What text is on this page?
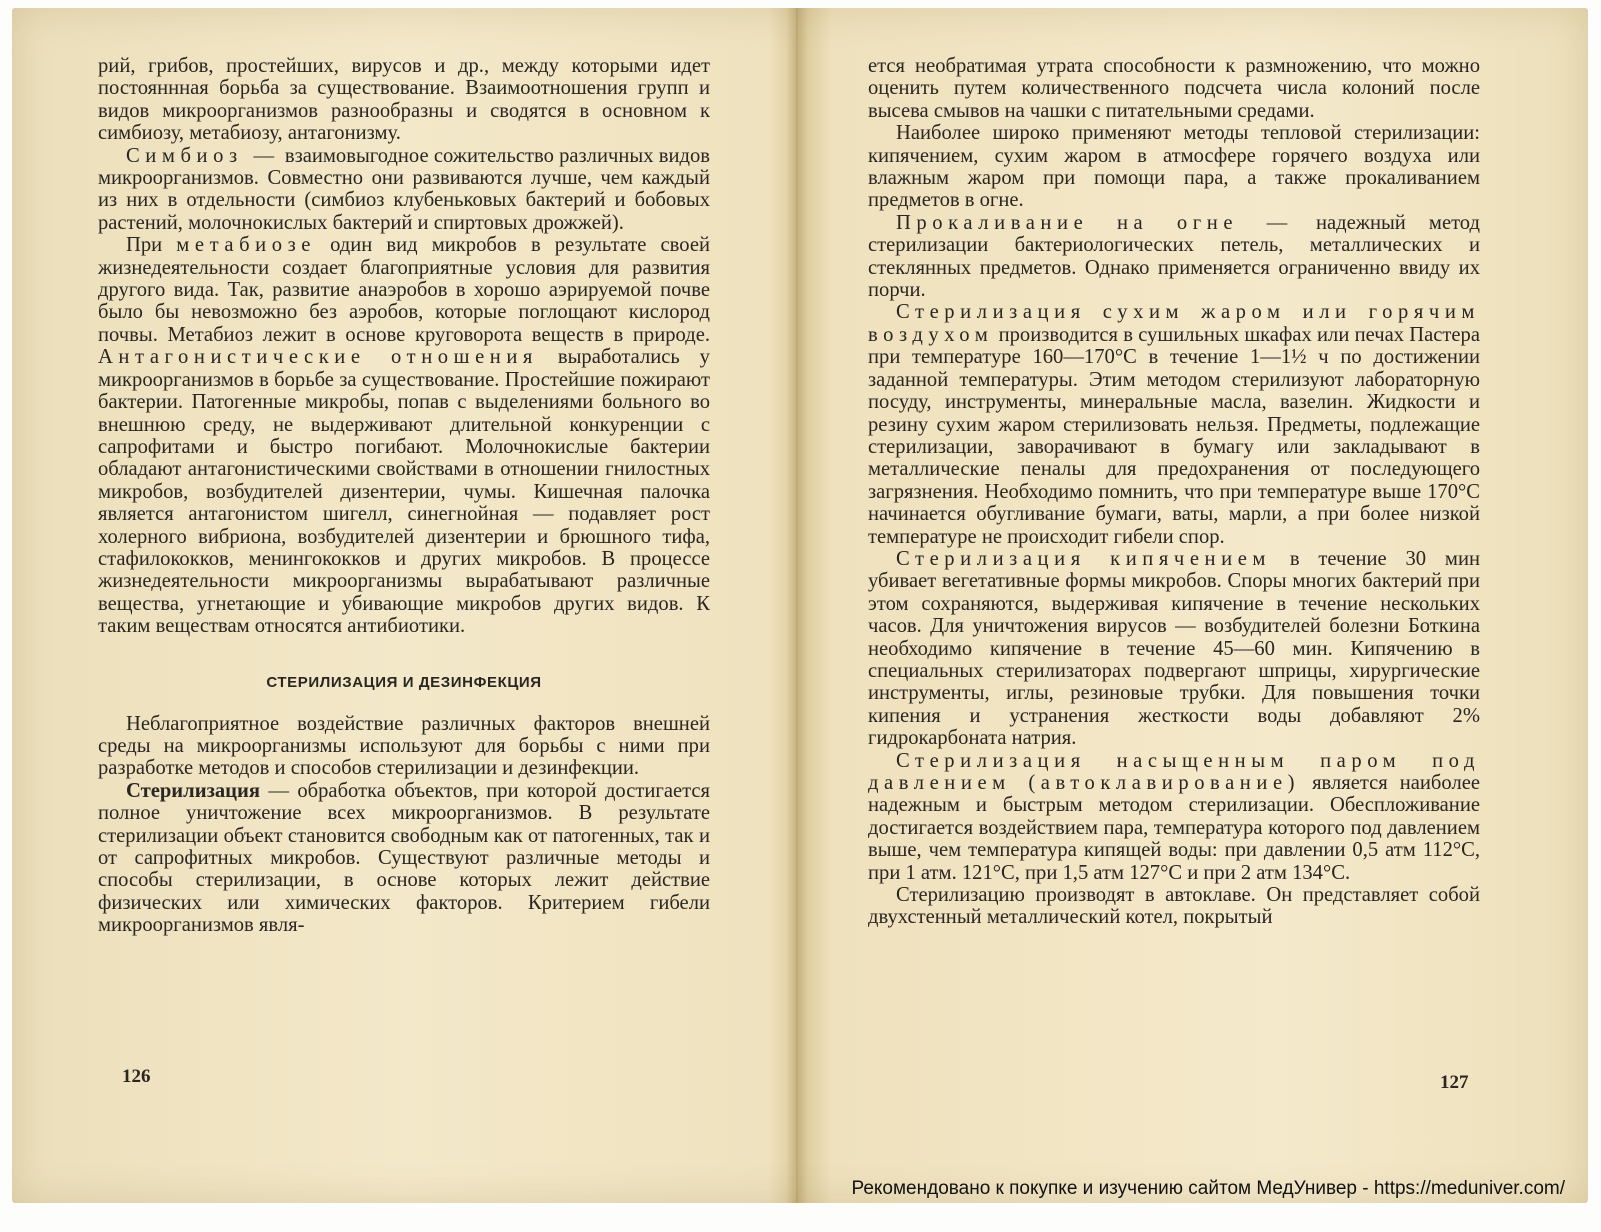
рий, грибов, простейших, вирусов и др., между которыми идет постояннная борьба за существование. Взаимоотношения групп и видов микроорганизмов разнообразны и сводятся в основном к симбиозу, метабиозу, антагонизму.

Симбиоз — взаимовыгодное сожительство различных видов микроорганизмов. Совместно они развиваются лучше, чем каждый из них в отдельности (симбиоз клубеньковых бактерий и бобовых растений, молочнокислых бактерий и спиртовых дрожжей).

При метабиозе один вид микробов в результате своей жизнедеятельности создает благоприятные условия для развития другого вида. Так, развитие анаэробов в хорошо аэрируемой почве было бы невозможно без аэробов, которые поглощают кислород почвы. Метабиоз лежит в основе круговорота веществ в природе. Антагонистические отношения выработались у микроорганизмов в борьбе за существование. Простейшие пожирают бактерии. Патогенные микробы, попав с выделениями больного во внешнюю среду, не выдерживают длительной конкуренции с сапрофитами и быстро погибают. Молочнокислые бактерии обладают антагонистическими свойствами в отношении гнилостных микробов, возбудителей дизентерии, чумы. Кишечная палочка является антагонистом шигелл, синегнойная — подавляет рост холерного вибриона, возбудителей дизентерии и брюшного тифа, стафилококков, менингококков и других микробов. В процессе жизнедеятельности микроорганизмы вырабатывают различные вещества, угнетающие и убивающие микробов других видов. К таким веществам относятся антибиотики.

СТЕРИЛИЗАЦИЯ И ДЕЗИНФЕКЦИЯ

Неблагоприятное воздействие различных факторов внешней среды на микроорганизмы используют для борьбы с ними при разработке методов и способов стерилизации и дезинфекции.

Стерилизация — обработка объектов, при которой достигается полное уничтожение всех микроорганизмов. В результате стерилизации объект становится свободным как от патогенных, так и от сапрофитных микробов. Существуют различные методы и способы стерилизации, в основе которых лежит действие физических или химических факторов. Критерием гибели микроорганизмов явля-

126

ется необратимая утрата способности к размножению, что можно оценить путем количественного подсчета числа колоний после высева смывов на чашки с питательными средами.

Наиболее широко применяют методы тепловой стерилизации: кипячением, сухим жаром в атмосфере горячего воздуха или влажным жаром при помощи пара, а также прокаливанием предметов в огне.

Прокаливание на огне — надежный метод стерилизации бактериологических петель, металлических и стеклянных предметов. Однако применяется ограниченно ввиду их порчи.

Стерилизация сухим жаром или горячим воздухом производится в сушильных шкафах или печах Пастера при температуре 160—170°С в течение 1—1½ ч по достижении заданной температуры. Этим методом стерилизуют лабораторную посуду, инструменты, минеральные масла, вазелин. Жидкости и резину сухим жаром стерилизовать нельзя. Предметы, подлежащие стерилизации, заворачивают в бумагу или закладывают в металлические пеналы для предохранения от последующего загрязнения. Необходимо помнить, что при температуре выше 170°С начинается обугливание бумаги, ваты, марли, а при более низкой температуре не происходит гибели спор.

Стерилизация кипячением в течение 30 мин убивает вегетативные формы микробов. Споры многих бактерий при этом сохраняются, выдерживая кипячение в течение нескольких часов. Для уничтожения вирусов — возбудителей болезни Боткина необходимо кипячение в течение 45—60 мин. Кипячению в специальных стерилизаторах подвергают шприцы, хирургические инструменты, иглы, резиновые трубки. Для повышения точки кипения и устранения жесткости воды добавляют 2% гидрокарбоната натрия.

Стерилизация насыщенным паром под давлением (автоклавирование) является наиболее надежным и быстрым методом стерилизации. Обеспложивание достигается воздействием пара, температура которого под давлением выше, чем температура кипящей воды: при давлении 0,5 атм 112°С, при 1 атм. 121°С, при 1,5 атм 127°С и при 2 атм 134°С.

Стерилизацию производят в автоклаве. Он представляет собой двухстенный металлический котел, покрытый

127
Рекомендовано к покупке и изучению сайтом МедУнивер - https://meduniver.com/
